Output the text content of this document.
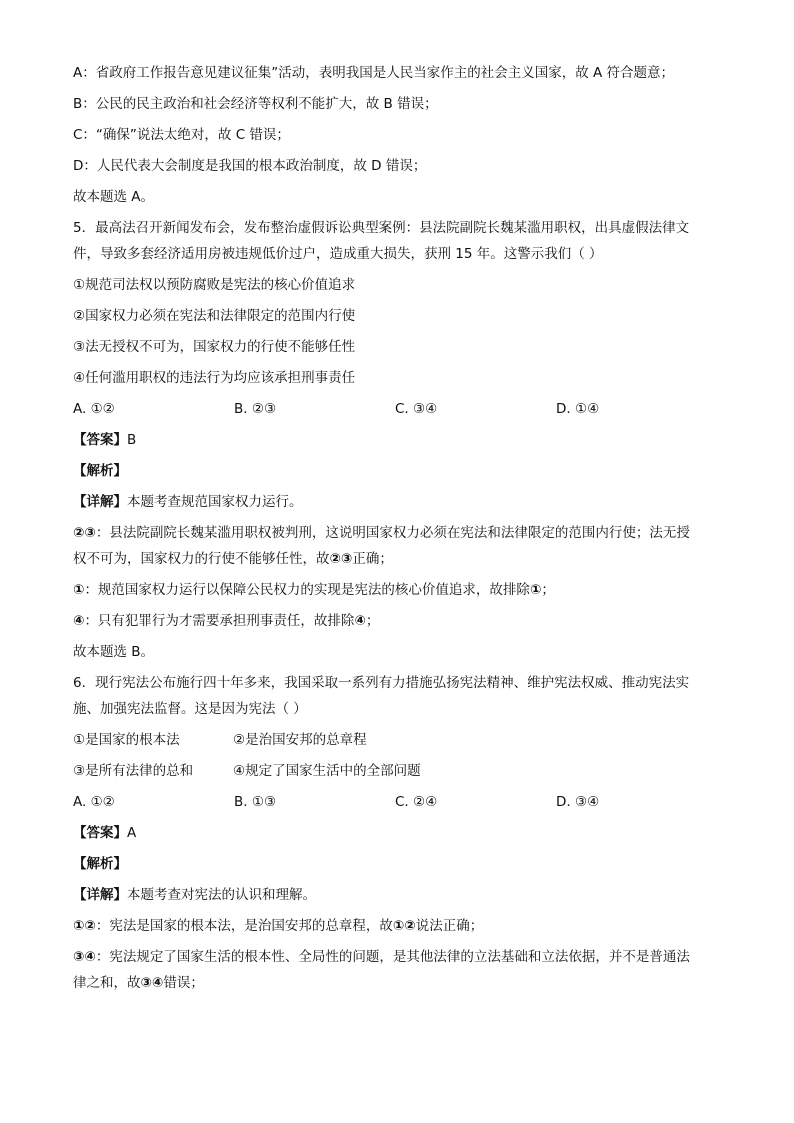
A：省政府工作报告意见建议征集”活动，表明我国是人民当家作主的社会主义国家，故 A 符合题意；
B：公民的民主政治和社会经济等权利不能扩大，故 B 错误；
C：“确保”说法太绝对，故 C 错误；
D：人民代表大会制度是我国的根本政治制度，故 D 错误；
故本题选 A。
5．最高法召开新闻发布会，发布整治虚假诉讼典型案例：县法院副院长魏某滥用职权，出具虚假法律文
件，导致多套经济适用房被违规低价过户，造成重大损失，获刑 15 年。这警示我们（ ）
①规范司法权以预防腐败是宪法的核心价值追求
②国家权力必须在宪法和法律限定的范围内行使
③法无授权不可为，国家权力的行使不能够任性
④任何滥用职权的违法行为均应该承担刑事责任
A. ①②	B. ②③	C. ③④	D. ①④
【答案】B
【解析】
【详解】本题考查规范国家权力运行。
②③：县法院副院长魏某滥用职权被判刑，这说明国家权力必须在宪法和法律限定的范围内行使；法无授
权不可为，国家权力的行使不能够任性，故②③正确；
①：规范国家权力运行以保障公民权力的实现是宪法的核心价值追求，故排除①；
④：只有犯罪行为才需要承担刑事责任，故排除④；
故本题选 B。
6．现行宪法公布施行四十年多来，我国采取一系列有力措施弘扬宪法精神、维护宪法权威、推动宪法实
施、加强宪法监督。这是因为宪法（ ）
①是国家的根本法	②是治国安邦的总章程
③是所有法律的总和	④规定了国家生活中的全部问题
A. ①②	B. ①③	C. ②④	D. ③④
【答案】A
【解析】
【详解】本题考查对宪法的认识和理解。
①②：宪法是国家的根本法，是治国安邦的总章程，故①②说法正确；
③④：宪法规定了国家生活的根本性、全局性的问题，是其他法律的立法基础和立法依据，并不是普通法
律之和，故③④错误；
